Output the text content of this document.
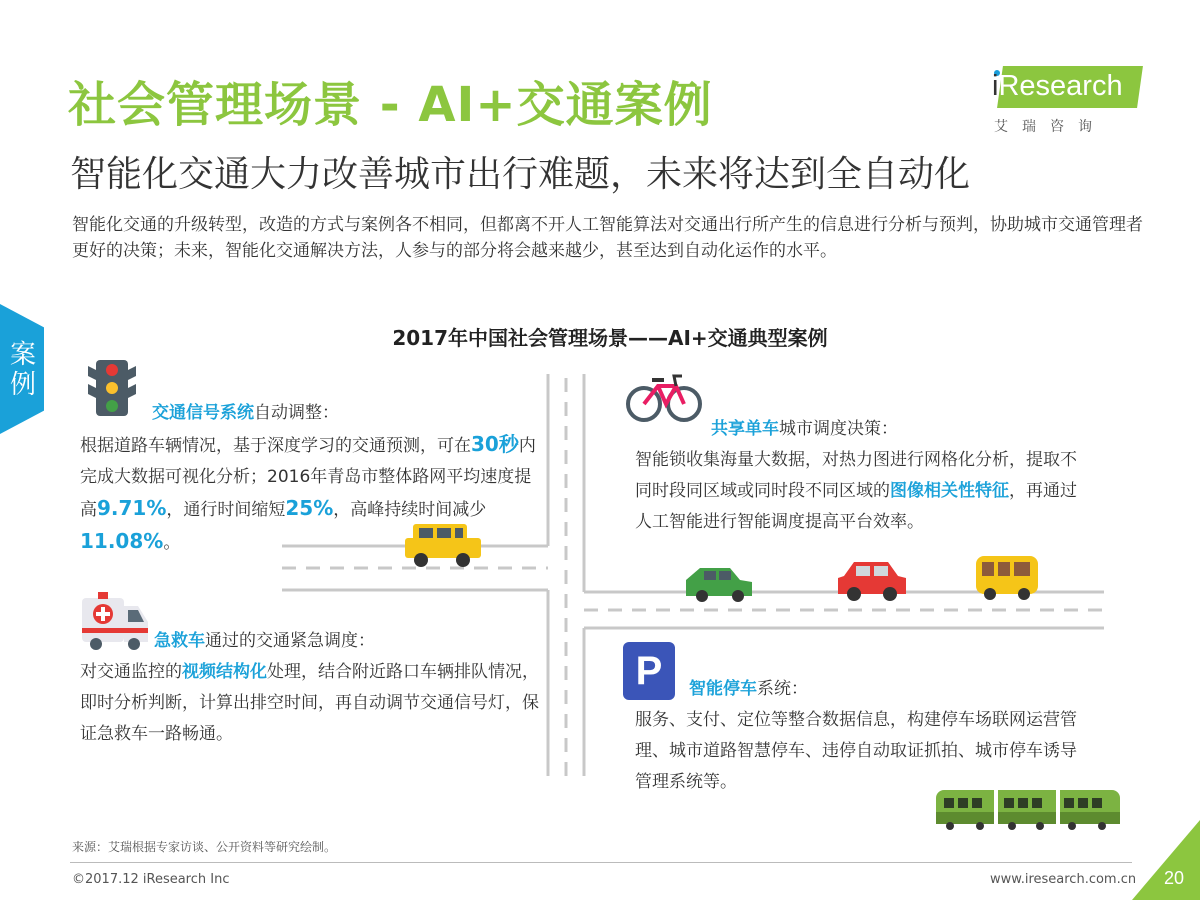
社会管理场景 - AI+交通案例
智能化交通大力改善城市出行难题，未来将达到全自动化
智能化交通的升级转型，改造的方式与案例各不相同，但都离不开人工智能算法对交通出行所产生的信息进行分析与预判，协助城市交通管理者更好的决策；未来，智能化交通解决方法，人参与的部分将会越来越少，甚至达到自动化运作的水平。
iResearch
艾瑞咨询
案例
2017年中国社会管理场景——AI+交通典型案例
P
交通信号系统自动调整：
根据道路车辆情况，基于深度学习的交通预测，可在30秒内完成大数据可视化分析；2016年青岛市整体路网平均速度提高9.71%，通行时间缩短25%，高峰持续时间减少11.08%。
急救车通过的交通紧急调度：
对交通监控的视频结构化处理，结合附近路口车辆排队情况，即时分析判断，计算出排空时间，再自动调节交通信号灯，保证急救车一路畅通。
共享单车城市调度决策：
智能锁收集海量大数据，对热力图进行网格化分析，提取不同时段同区域或同时段不同区域的图像相关性特征，再通过人工智能进行智能调度提高平台效率。
智能停车系统：
服务、支付、定位等整合数据信息，构建停车场联网运营管理、城市道路智慧停车、违停自动取证抓拍、城市停车诱导管理系统等。
来源：艾瑞根据专家访谈、公开资料等研究绘制。
©2017.12 iResearch Inc	www.iresearch.com.cn 20
